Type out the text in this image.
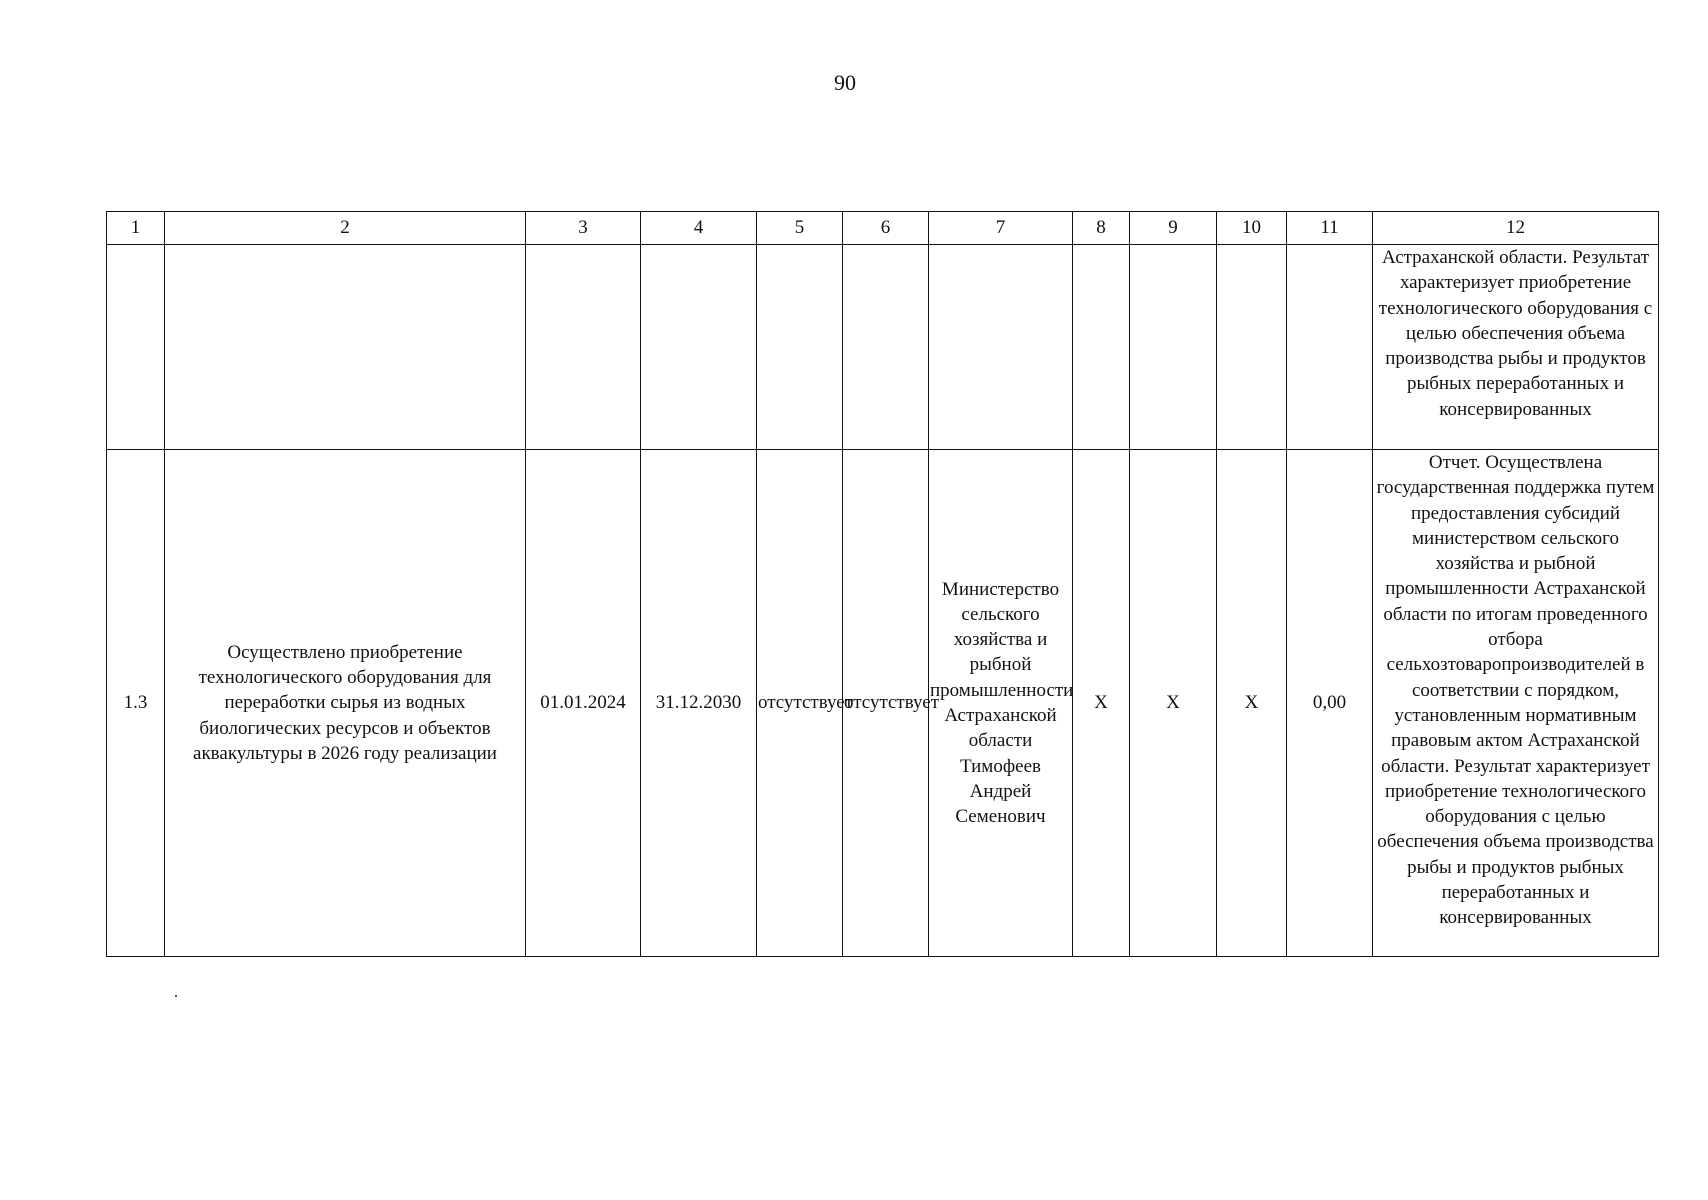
90
1	2	3	4	5	6	7	8	9	10	11	12
											Астраханской области. Результат характеризует приобретение технологического оборудования с целью обеспечения объема производства рыбы и продуктов рыбных переработанных и консервированных
1.3	Осуществлено приобретение технологического оборудования для переработки сырья из водных биологических ресурсов и объектов аквакультуры в 2026 году реализации	01.01.2024	31.12.2030	отсутствует	отсутствует	Министерство сельского хозяйства и рыбной промышленности Астраханской области Тимофеев Андрей Семенович	Х	Х	Х	0,00	Отчет. Осуществлена государственная поддержка путем предоставления субсидий министерством сельского хозяйства и рыбной промышленности Астраханской области по итогам проведенного отбора сельхозтоваропроизводителей в соответствии с порядком, установленным нормативным правовым актом Астраханской области. Результат характеризует приобретение технологического оборудования с целью обеспечения объема производства рыбы и продуктов рыбных переработанных и консервированных
